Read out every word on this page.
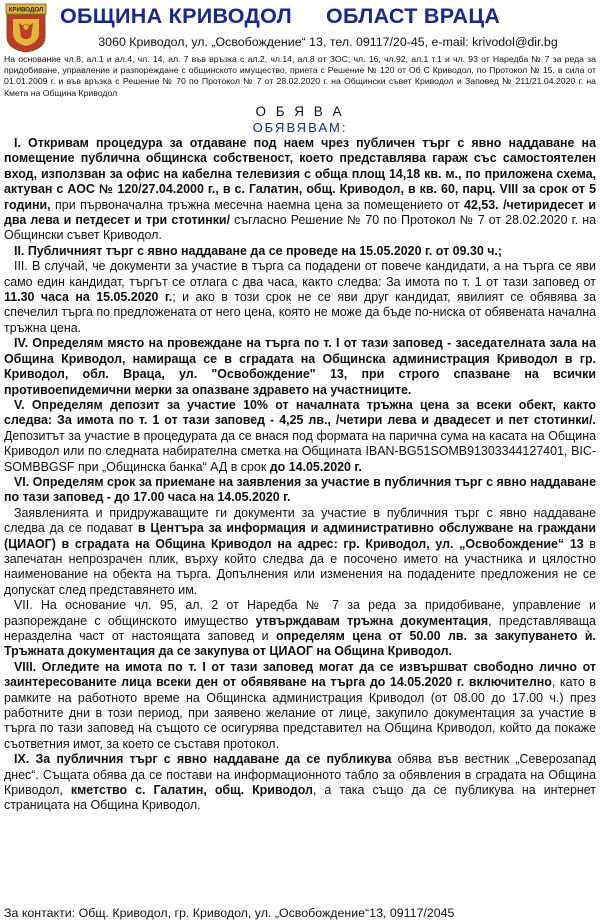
КРИВОДОЛ ОБЩИНА КРИВОДОЛ ОБЛАСТ ВРАЦА
3060 Криводол, ул. „Освобождение“ 13, тел. 09117/20-45, e-mail: krivodol@dir.bg
На основание чл.8, ал.1 и ал.4, чл. 14, ал. 7 във връзка с ал.2, чл.14, ал.8 от ЗОС; чл. 16, чл.92, ал.1 т.1 и чл. 93 от Наредба № 7 за реда за придобиване, управление и разпореждане с общинското имущество, приета с Решение № 120 от Об С Криводол, по Протокол № 15, в сила от 01.01.2009 г. и във връзка с Решение № 70 по Протокол № 7 от 28.02.2020 г. на Общински съвет Криводол и Заповед № 211/21.04.2020 г. на Кмета на Община Криводол
О Б Я В А
ОБЯВЯВАМ:

I. Откривам процедура за отдаване под наем чрез публичен търг с явно наддаване на помещение публична общинска собственост, което представлява гараж със самостоятелен вход, използван за офис на кабелна телевизия с обща площ 14,18 кв. м., по приложена схема, актуван с АОС № 120/27.04.2000 г., в с. Галатин, общ. Криводол, в кв. 60, парц. VIII за срок от 5 години, при първоначална тръжна месечна наемна цена за помещението от 42,53. /четиридесет и два лева и петдесет и три стотинки/ съгласно Решение № 70 по Протокол № 7 от 28.02.2020 г. на Общински съвет Криводол.

II. Публичният търг с явно наддаване да се проведе на 15.05.2020 г. от 09.30 ч.;

III. В случай, че документи за участие в търга са подадени от повече кандидати, а на търга се яви само един кандидат, търгът се отлага с два часа, както следва: За имота по т. 1 от тази заповед от 11.30 часа на 15.05.2020 г.; и ако в този срок не се яви друг кандидат, явилият се обявява за спечелил търга по предложената от него цена, която не може да бъде по-ниска от обявената начална тръжна цена.

IV. Определям място на провеждане на търга по т. I от тази заповед - заседателната зала на Община Криводол, намираща се в сградата на Общинска администрация Криводол в гр. Криводол, обл. Враца, ул. "Освобождение" 13, при строго спазване на всички противоепидемични мерки за опазване здравето на участниците.

V. Определям депозит за участие 10% от началната тръжна цена за всеки обект, както следва: За имота по т. 1 от тази заповед - 4,25 лв., /четири лева и двадесет и пет стотинки/. Депозитът за участие в процедурата да се внася под формата на парична сума на касата на Община Криводол или по следната набирателна сметка на Общината IBAN-BG51SOMB91303344127401, BIC-SOMBBGSF при „Общинска банка“ АД в срок до 14.05.2020 г.

VI. Определям срок за приемане на заявления за участие в публичния търг с явно наддаване по тази заповед - до 17.00 часа на 14.05.2020 г.

Заявленията и придружаващите ги документи за участие в публичния търг с явно наддаване следва да се подават в Центъра за информация и административно обслужване на граждани (ЦИАОГ) в сградата на Община Криводол на адрес: гр. Криводол, ул. „Освобождение“ 13 в запечатан непрозрачен плик, върху който следва да е посочено името на участника и цялостно наименование на обекта на търга. Допълнения или изменения на подадените предложения не се допускат след представянето им.

VII. На основание чл. 95, ал. 2 от Наредба № 7 за реда за придобиване, управление и разпореждане с общинското имущество утвърждавам тръжна документация, представляваща неразделна част от настоящата заповед и определям цена от 50.00 лв. за закупуването ѝ. Тръжната документация да се закупува от ЦИАОГ на Община Криводол.

VIII. Огледите на имота по т. I от тази заповед могат да се извършват свободно лично от заинтересованите лица всеки ден от обявяване на търга до 14.05.2020 г. включително, като в рамките на работното време на Общинска администрация Криводол (от 08.00 до 17.00 ч.) през работните дни в този период, при заявено желание от лице, закупило документация за участие в търга по тази заповед на същото се осигурява представител на Община Криводол, който да покаже съответния имот, за което се съставя протокол.

IX. За публичния търг с явно наддаване да се публикува обява във вестник „Северозапад днес“. Същата обява да се постави на информационното табло за обявления в сградата на Община Криводол, кметство с. Галатин, общ. Криводол, а така също да се публикува на интернет страницата на Община Криводол.

За контакти: Общ. Криводол, гр. Криводол, ул. „Освобождение“13, 09117/2045
